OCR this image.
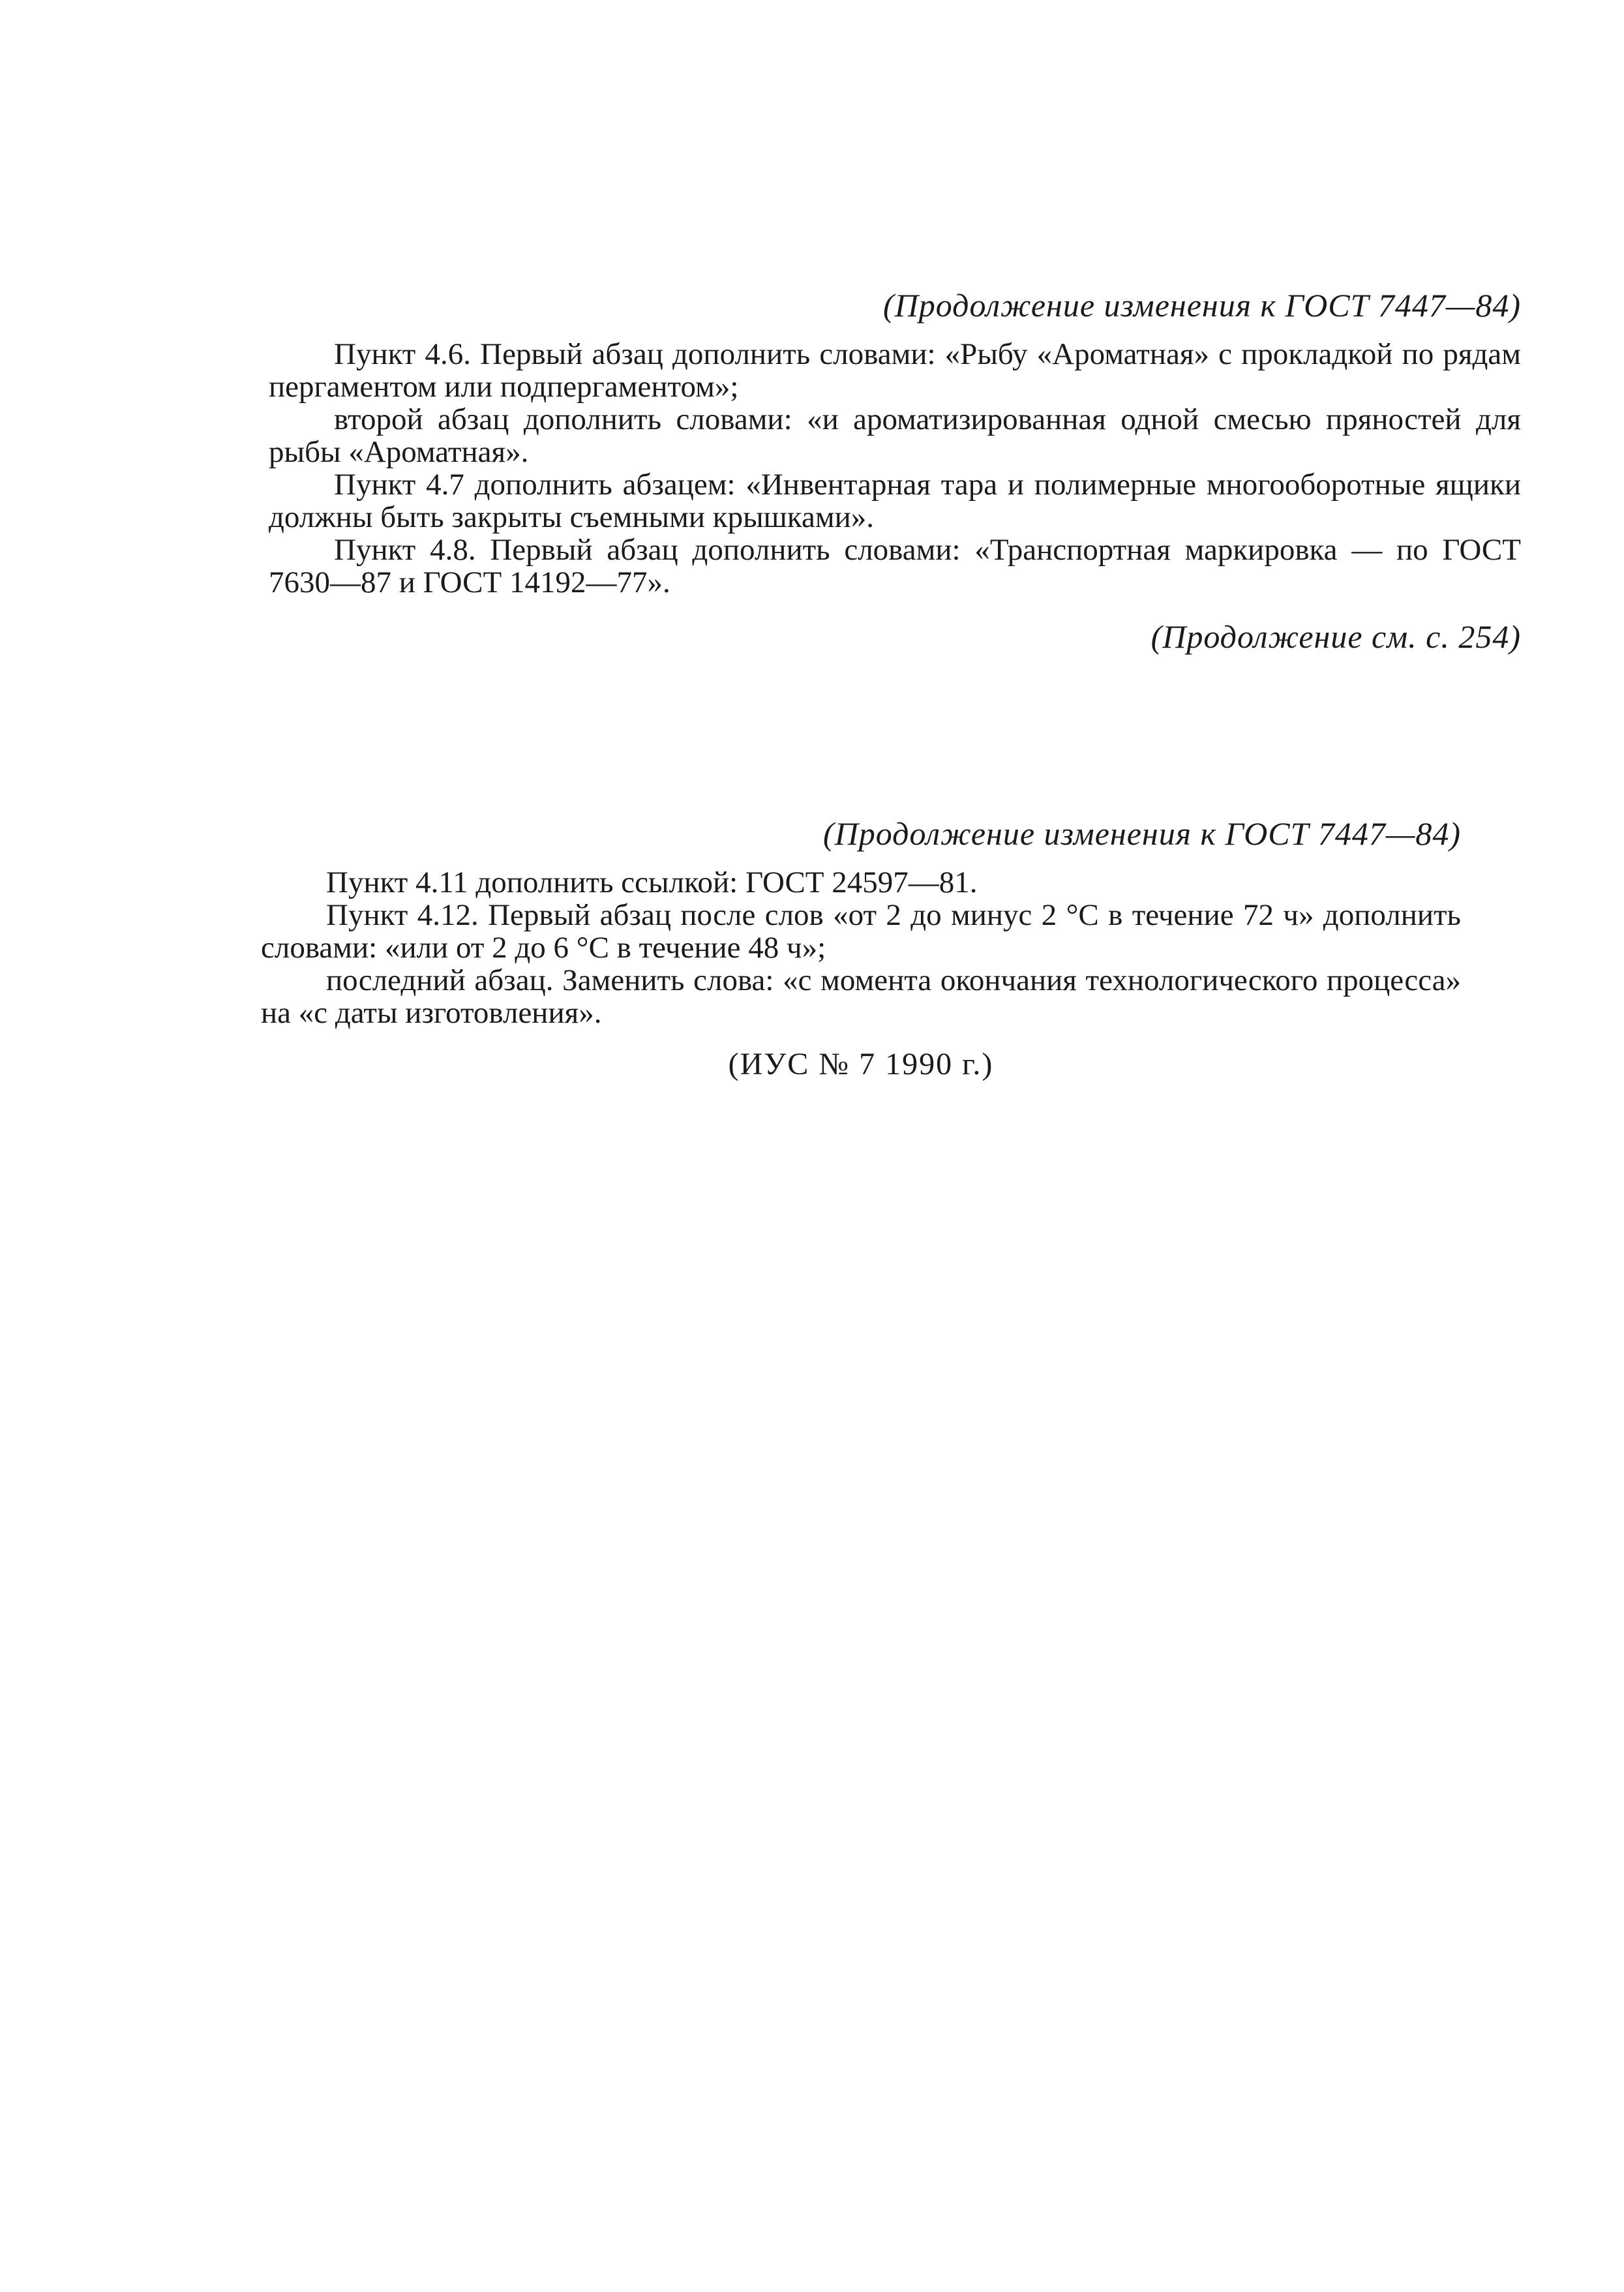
(Продолжение изменения к ГОСТ 7447—84)

Пункт 4.6. Первый абзац дополнить словами: «Рыбу «Ароматная» с прокладкой по рядам пергаментом или подпергаментом»;

второй абзац дополнить словами: «и ароматизированная одной смесью пряностей для рыбы «Ароматная».

Пункт 4.7 дополнить абзацем: «Инвентарная тара и полимерные многооборотные ящики должны быть закрыты съемными крышками».

Пункт 4.8. Первый абзац дополнить словами: «Транспортная маркировка — по ГОСТ 7630—87 и ГОСТ 14192—77».

(Продолжение см. с. 254)

(Продолжение изменения к ГОСТ 7447—84)

Пункт 4.11 дополнить ссылкой: ГОСТ 24597—81.

Пункт 4.12. Первый абзац после слов «от 2 до минус 2 °С в течение 72 ч» дополнить словами: «или от 2 до 6 °С в течение 48 ч»;

последний абзац. Заменить слова: «с момента окончания технологического процесса» на «с даты изготовления».

(ИУС № 7 1990 г.)
